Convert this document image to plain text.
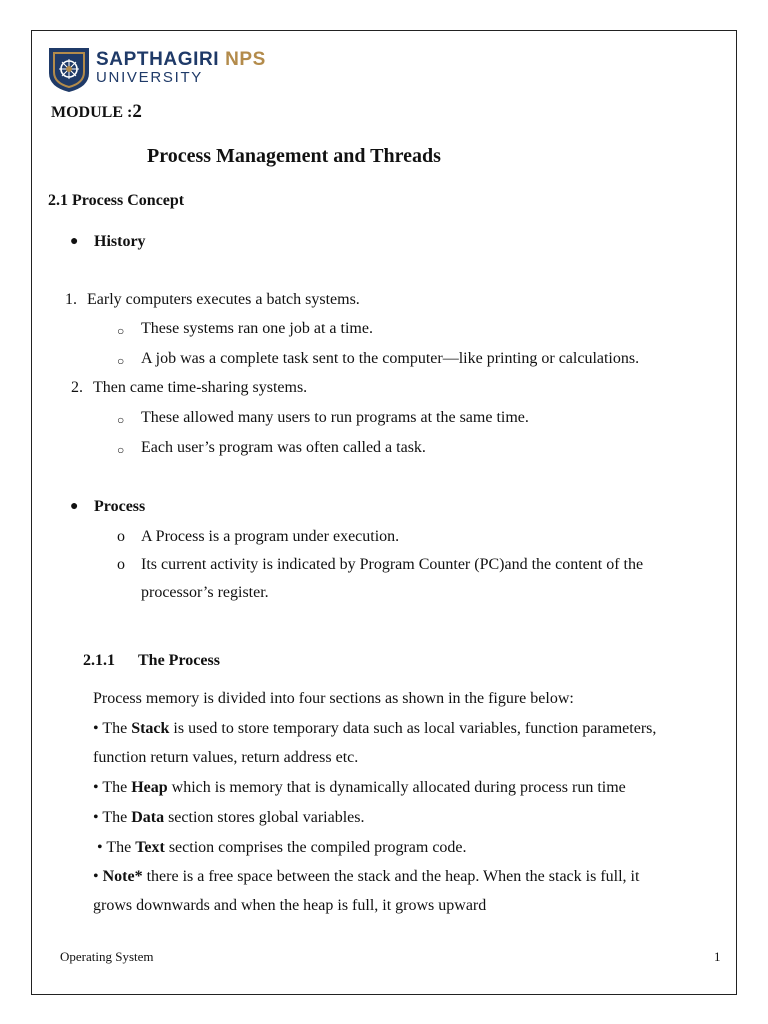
SAPTHAGIRI NPS
UNIVERSITY
MODULE :2
Process Management and Threads
2.1 Process Concept
● History
1. Early computers executes a batch systems.
○ These systems ran one job at a time.
○ A job was a complete task sent to the computer—like printing or calculations.
2. Then came time-sharing systems.
○ These allowed many users to run programs at the same time.
○ Each user’s program was often called a task.
● Process
o A Process is a program under execution.
o Its current activity is indicated by Program Counter (PC)and the content of the
processor’s register.
2.1.1 The Process
Process memory is divided into four sections as shown in the figure below:
• The Stack is used to store temporary data such as local variables, function parameters,
function return values, return address etc.
• The Heap which is memory that is dynamically allocated during process run time
• The Data section stores global variables.
• The Text section comprises the compiled program code.
• Note* there is a free space between the stack and the heap. When the stack is full, it
grows downwards and when the heap is full, it grows upward
Operating System	1
